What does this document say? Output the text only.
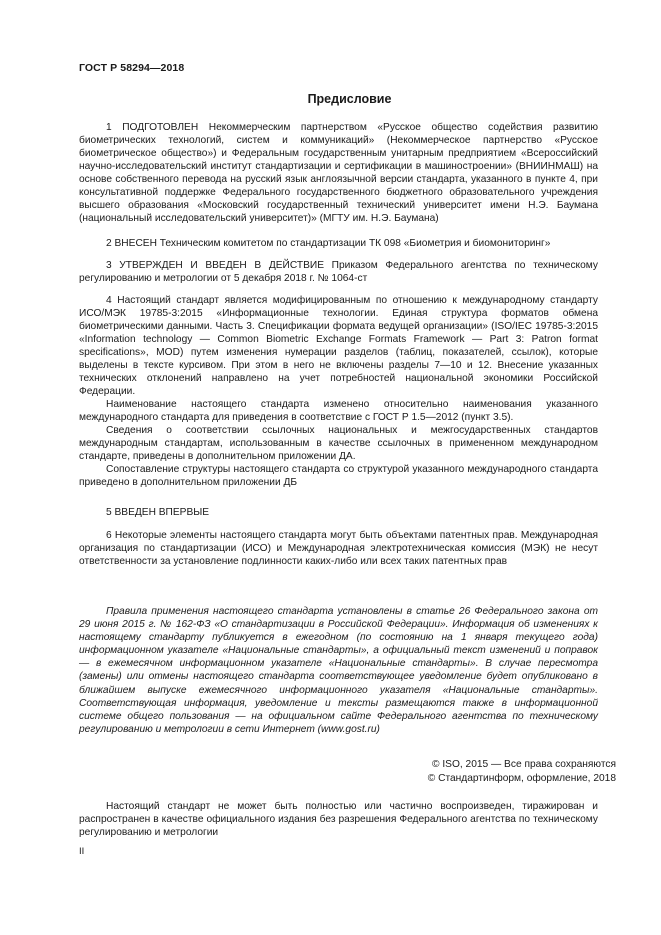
ГОСТ Р 58294—2018
Предисловие

1 ПОДГОТОВЛЕН Некоммерческим партнерством «Русское общество содействия развитию биометрических технологий, систем и коммуникаций» (Некоммерческое партнерство «Русское биометрическое общество») и Федеральным государственным унитарным предприятием «Всероссийский научно-исследовательский институт стандартизации и сертификации в машиностроении» (ВНИИНМАШ) на основе собственного перевода на русский язык англоязычной версии стандарта, указанного в пункте 4, при консультативной поддержке Федерального государственного бюджетного образовательного учреждения высшего образования «Московский государственный технический университет имени Н.Э. Баумана (национальный исследовательский университет)» (МГТУ им. Н.Э. Баумана)

2 ВНЕСЕН Техническим комитетом по стандартизации ТК 098 «Биометрия и биомониторинг»

3 УТВЕРЖДЕН И ВВЕДЕН В ДЕЙСТВИЕ Приказом Федерального агентства по техническому регулированию и метрологии от 5 декабря 2018 г. № 1064-ст

4 Настоящий стандарт является модифицированным по отношению к международному стандарту ИСО/МЭК 19785-3:2015 «Информационные технологии. Единая структура форматов обмена биометрическими данными. Часть 3. Спецификации формата ведущей организации» (ISO/IEC 19785-3:2015 «Information technology — Common Biometric Exchange Formats Framework — Part 3: Patron format specifications», MOD) путем изменения нумерации разделов (таблиц, показателей, ссылок), которые выделены в тексте курсивом. При этом в него не включены разделы 7—10 и 12. Внесение указанных технических отклонений направлено на учет потребностей национальной экономики Российской Федерации.

Наименование настоящего стандарта изменено относительно наименования указанного международного стандарта для приведения в соответствие с ГОСТ Р 1.5—2012 (пункт 3.5).

Сведения о соответствии ссылочных национальных и межгосударственных стандартов международным стандартам, использованным в качестве ссылочных в примененном международном стандарте, приведены в дополнительном приложении ДА.

Сопоставление структуры настоящего стандарта со структурой указанного международного стандарта приведено в дополнительном приложении ДБ

5 ВВЕДЕН ВПЕРВЫЕ

6 Некоторые элементы настоящего стандарта могут быть объектами патентных прав. Международная организация по стандартизации (ИСО) и Международная электротехническая комиссия (МЭК) не несут ответственности за установление подлинности каких-либо или всех таких патентных прав

Правила применения настоящего стандарта установлены в статье 26 Федерального закона от 29 июня 2015 г. № 162-ФЗ «О стандартизации в Российской Федерации». Информация об изменениях к настоящему стандарту публикуется в ежегодном (по состоянию на 1 января текущего года) информационном указателе «Национальные стандарты», а официальный текст изменений и поправок — в ежемесячном информационном указателе «Национальные стандарты». В случае пересмотра (замены) или отмены настоящего стандарта соответствующее уведомление будет опубликовано в ближайшем выпуске ежемесячного информационного указателя «Национальные стандарты». Соответствующая информация, уведомление и тексты размещаются также в информационной системе общего пользования — на официальном сайте Федерального агентства по техническому регулированию и метрологии в сети Интернет (www.gost.ru)

© ISO, 2015 — Все права сохраняются
© Стандартинформ, оформление, 2018

Настоящий стандарт не может быть полностью или частично воспроизведен, тиражирован и распространен в качестве официального издания без разрешения Федерального агентства по техническому регулированию и метрологии

II
